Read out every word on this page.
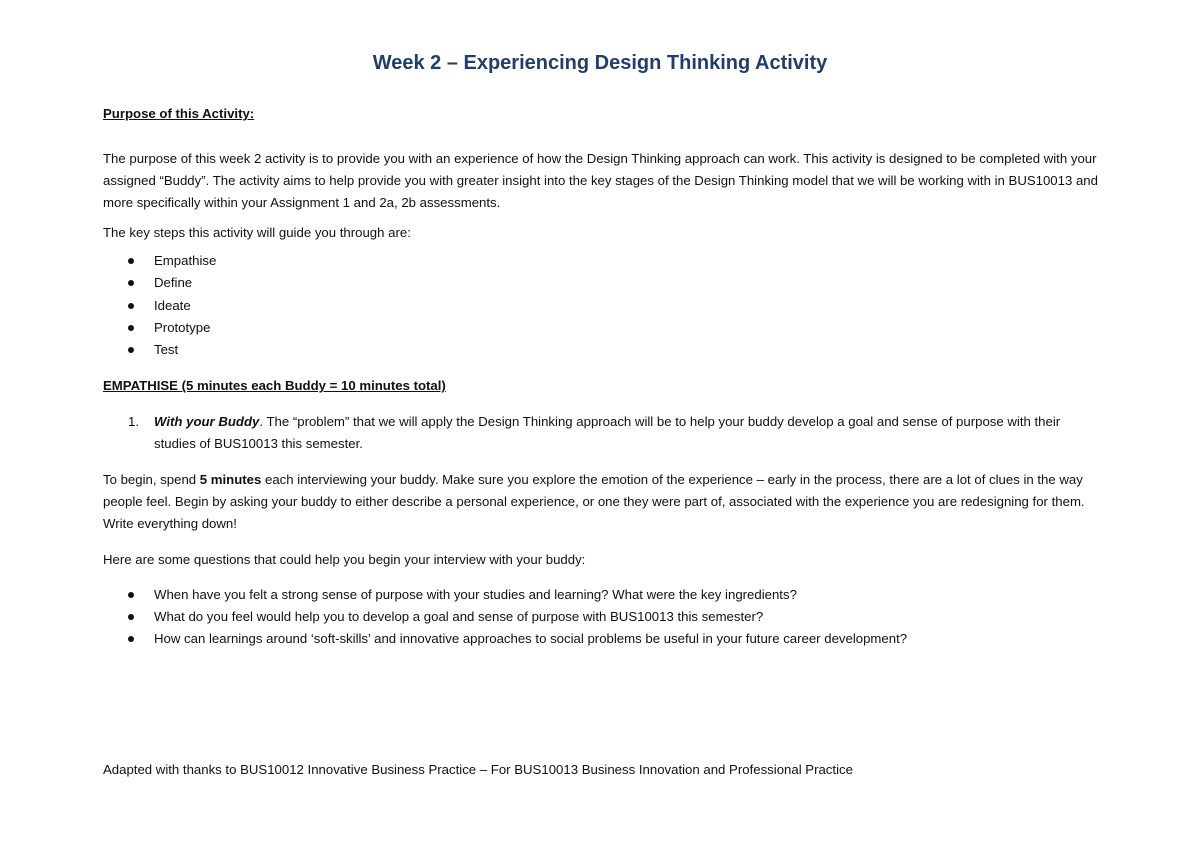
Week 2 – Experiencing Design Thinking Activity

Purpose of this Activity:

The purpose of this week 2 activity is to provide you with an experience of how the Design Thinking approach can work. This activity is designed to be completed with your assigned “Buddy”. The activity aims to help provide you with greater insight into the key stages of the Design Thinking model that we will be working with in BUS10013 and more specifically within your Assignment 1 and 2a, 2b assessments.

The key steps this activity will guide you through are:

Empathise
Define
Ideate
Prototype
Test

EMPATHISE (5 minutes each Buddy = 10 minutes total)

1. With your Buddy. The “problem” that we will apply the Design Thinking approach will be to help your buddy develop a goal and sense of purpose with their studies of BUS10013 this semester.

To begin, spend 5 minutes each interviewing your buddy. Make sure you explore the emotion of the experience – early in the process, there are a lot of clues in the way people feel. Begin by asking your buddy to either describe a personal experience, or one they were part of, associated with the experience you are redesigning for them. Write everything down!

Here are some questions that could help you begin your interview with your buddy:

When have you felt a strong sense of purpose with your studies and learning? What were the key ingredients?
What do you feel would help you to develop a goal and sense of purpose with BUS10013 this semester?
How can learnings around ‘soft-skills’ and innovative approaches to social problems be useful in your future career development?

Adapted with thanks to BUS10012 Innovative Business Practice – For BUS10013 Business Innovation and Professional Practice
